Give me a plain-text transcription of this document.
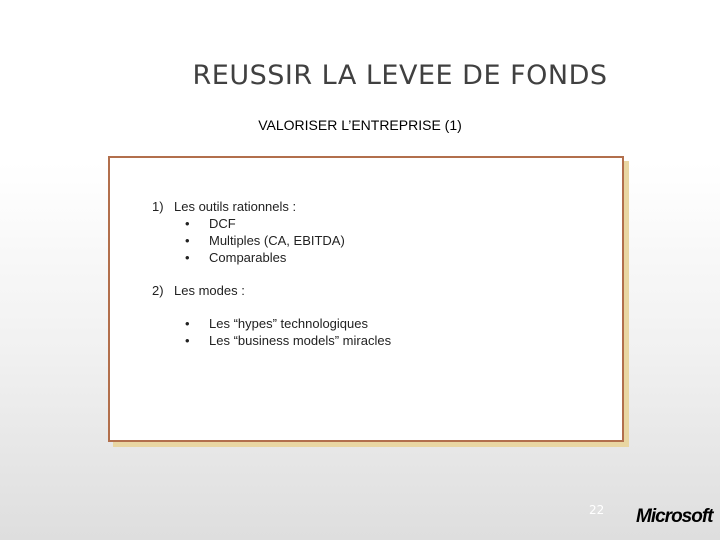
REUSSIR LA LEVEE DE FONDS
VALORISER L’ENTREPRISE (1)
1) Les outils rationnels :
• DCF
• Multiples (CA, EBITDA)
• Comparables
2) Les modes :
• Les “hypes” technologiques
• Les “business models” miracles
22 Microsoft
